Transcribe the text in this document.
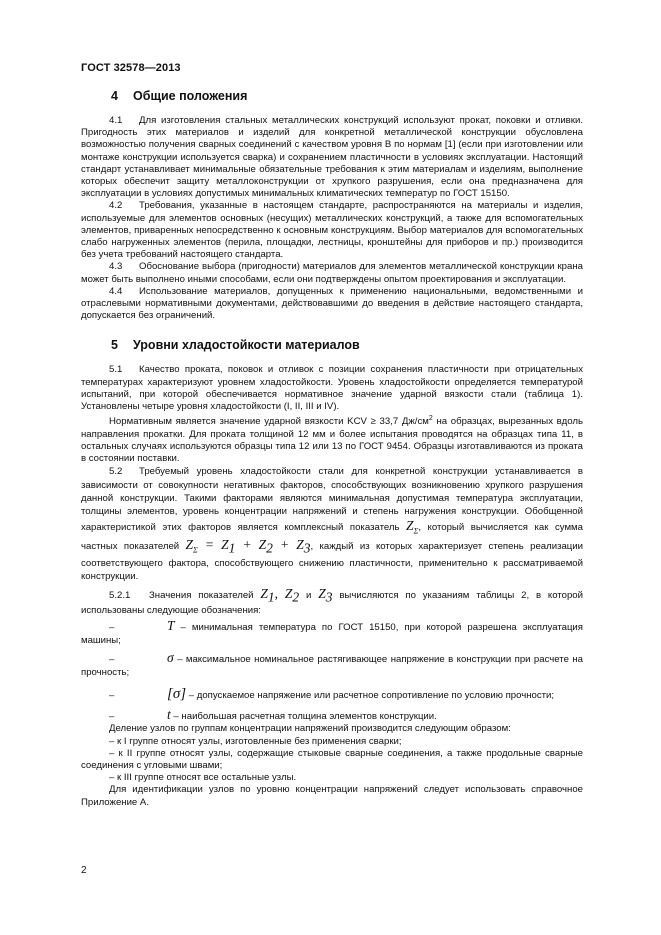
ГОСТ 32578—2013
4	Общие положения

4.1 Для изготовления стальных металлических конструкций используют прокат, поковки и отливки. Пригодность этих материалов и изделий для конкретной металлической конструкции обусловлена возможностью получения сварных соединений с качеством уровня В по нормам [1] (если при изготовлении или монтаже конструкции используется сварка) и сохранением пластичности в условиях эксплуатации. Настоящий стандарт устанавливает минимальные обязательные требования к этим материалам и изделиям, выполнение которых обеспечит защиту металлоконструкции от хрупкого разрушения, если она предназначена для эксплуатации в условиях допустимых минимальных климатических температур по ГОСТ 15150.

4.2 Требования, указанные в настоящем стандарте, распространяются на материалы и изделия, используемые для элементов основных (несущих) металлических конструкций, а также для вспомогательных элементов, приваренных непосредственно к основным конструкциям. Выбор материалов для вспомогательных слабо нагруженных элементов (перила, площадки, лестницы, кронштейны для приборов и пр.) производится без учета требований настоящего стандарта.

4.3 Обоснование выбора (пригодности) материалов для элементов металлической конструкции крана может быть выполнено иными способами, если они подтверждены опытом проектирования и эксплуатации.

4.4 Использование материалов, допущенных к применению национальными, ведомственными и отраслевыми нормативными документами, действовавшими до введения в действие настоящего стандарта, допускается без ограничений.

5	Уровни хладостойкости материалов

5.1 Качество проката, поковок и отливок с позиции сохранения пластичности при отрицательных температурах характеризуют уровнем хладостойкости. Уровень хладостойкости определяется температурой испытаний, при которой обеспечивается нормативное значение ударной вязкости стали (таблица 1). Установлены четыре уровня хладостойкости (I, II, III и IV).

Нормативным является значение ударной вязкости KCV ≥ 33,7 $Дж/см^2$ на образцах, вырезанных вдоль направления прокатки. Для проката толщиной 12 мм и более испытания проводятся на образцах типа 11, в остальных случаях используются образцы типа 12 или 13 по ГОСТ 9454. Образцы изготавливаются из проката в состоянии поставки.

5.2 Требуемый уровень хладостойкости стали для конкретной конструкции устанавливается в зависимости от совокупности негативных факторов, способствующих возникновению хрупкого разрушения данной конструкции. Такими факторами являются минимальная допустимая температура эксплуатации, толщины элементов, уровень концентрации напряжений и степень нагружения конструкции. Обобщенной характеристикой этих факторов является комплексный показатель $Z_\Sigma$, который вычисляется как сумма частных показателей $Z_\Sigma = Z_1 + Z_2 + Z_3$, каждый из которых характеризует степень реализации соответствующего фактора, способствующего снижению пластичности, применительно к рассматриваемой конструкции.

5.2.1 Значения показателей $Z_1$, $Z_2$ и $Z_3$ вычисляются по указаниям таблицы 2, в которой использованы следующие обозначения:

–	T – минимальная температура по ГОСТ 15150, при которой разрешена эксплуатация машины;

–	σ – максимальное номинальное растягивающее напряжение в конструкции при расчете на прочность;

–	[σ] – допускаемое напряжение или расчетное сопротивление по условию прочности;

–	t – наибольшая расчетная толщина элементов конструкции.

Деление узлов по группам концентрации напряжений производится следующим образом:

– к I группе относят узлы, изготовленные без применения сварки;

– к II группе относят узлы, содержащие стыковые сварные соединения, а также продольные сварные соединения с угловыми швами;

– к III группе относят все остальные узлы.

Для идентификации узлов по уровню концентрации напряжений следует использовать справочное Приложение А.

2
